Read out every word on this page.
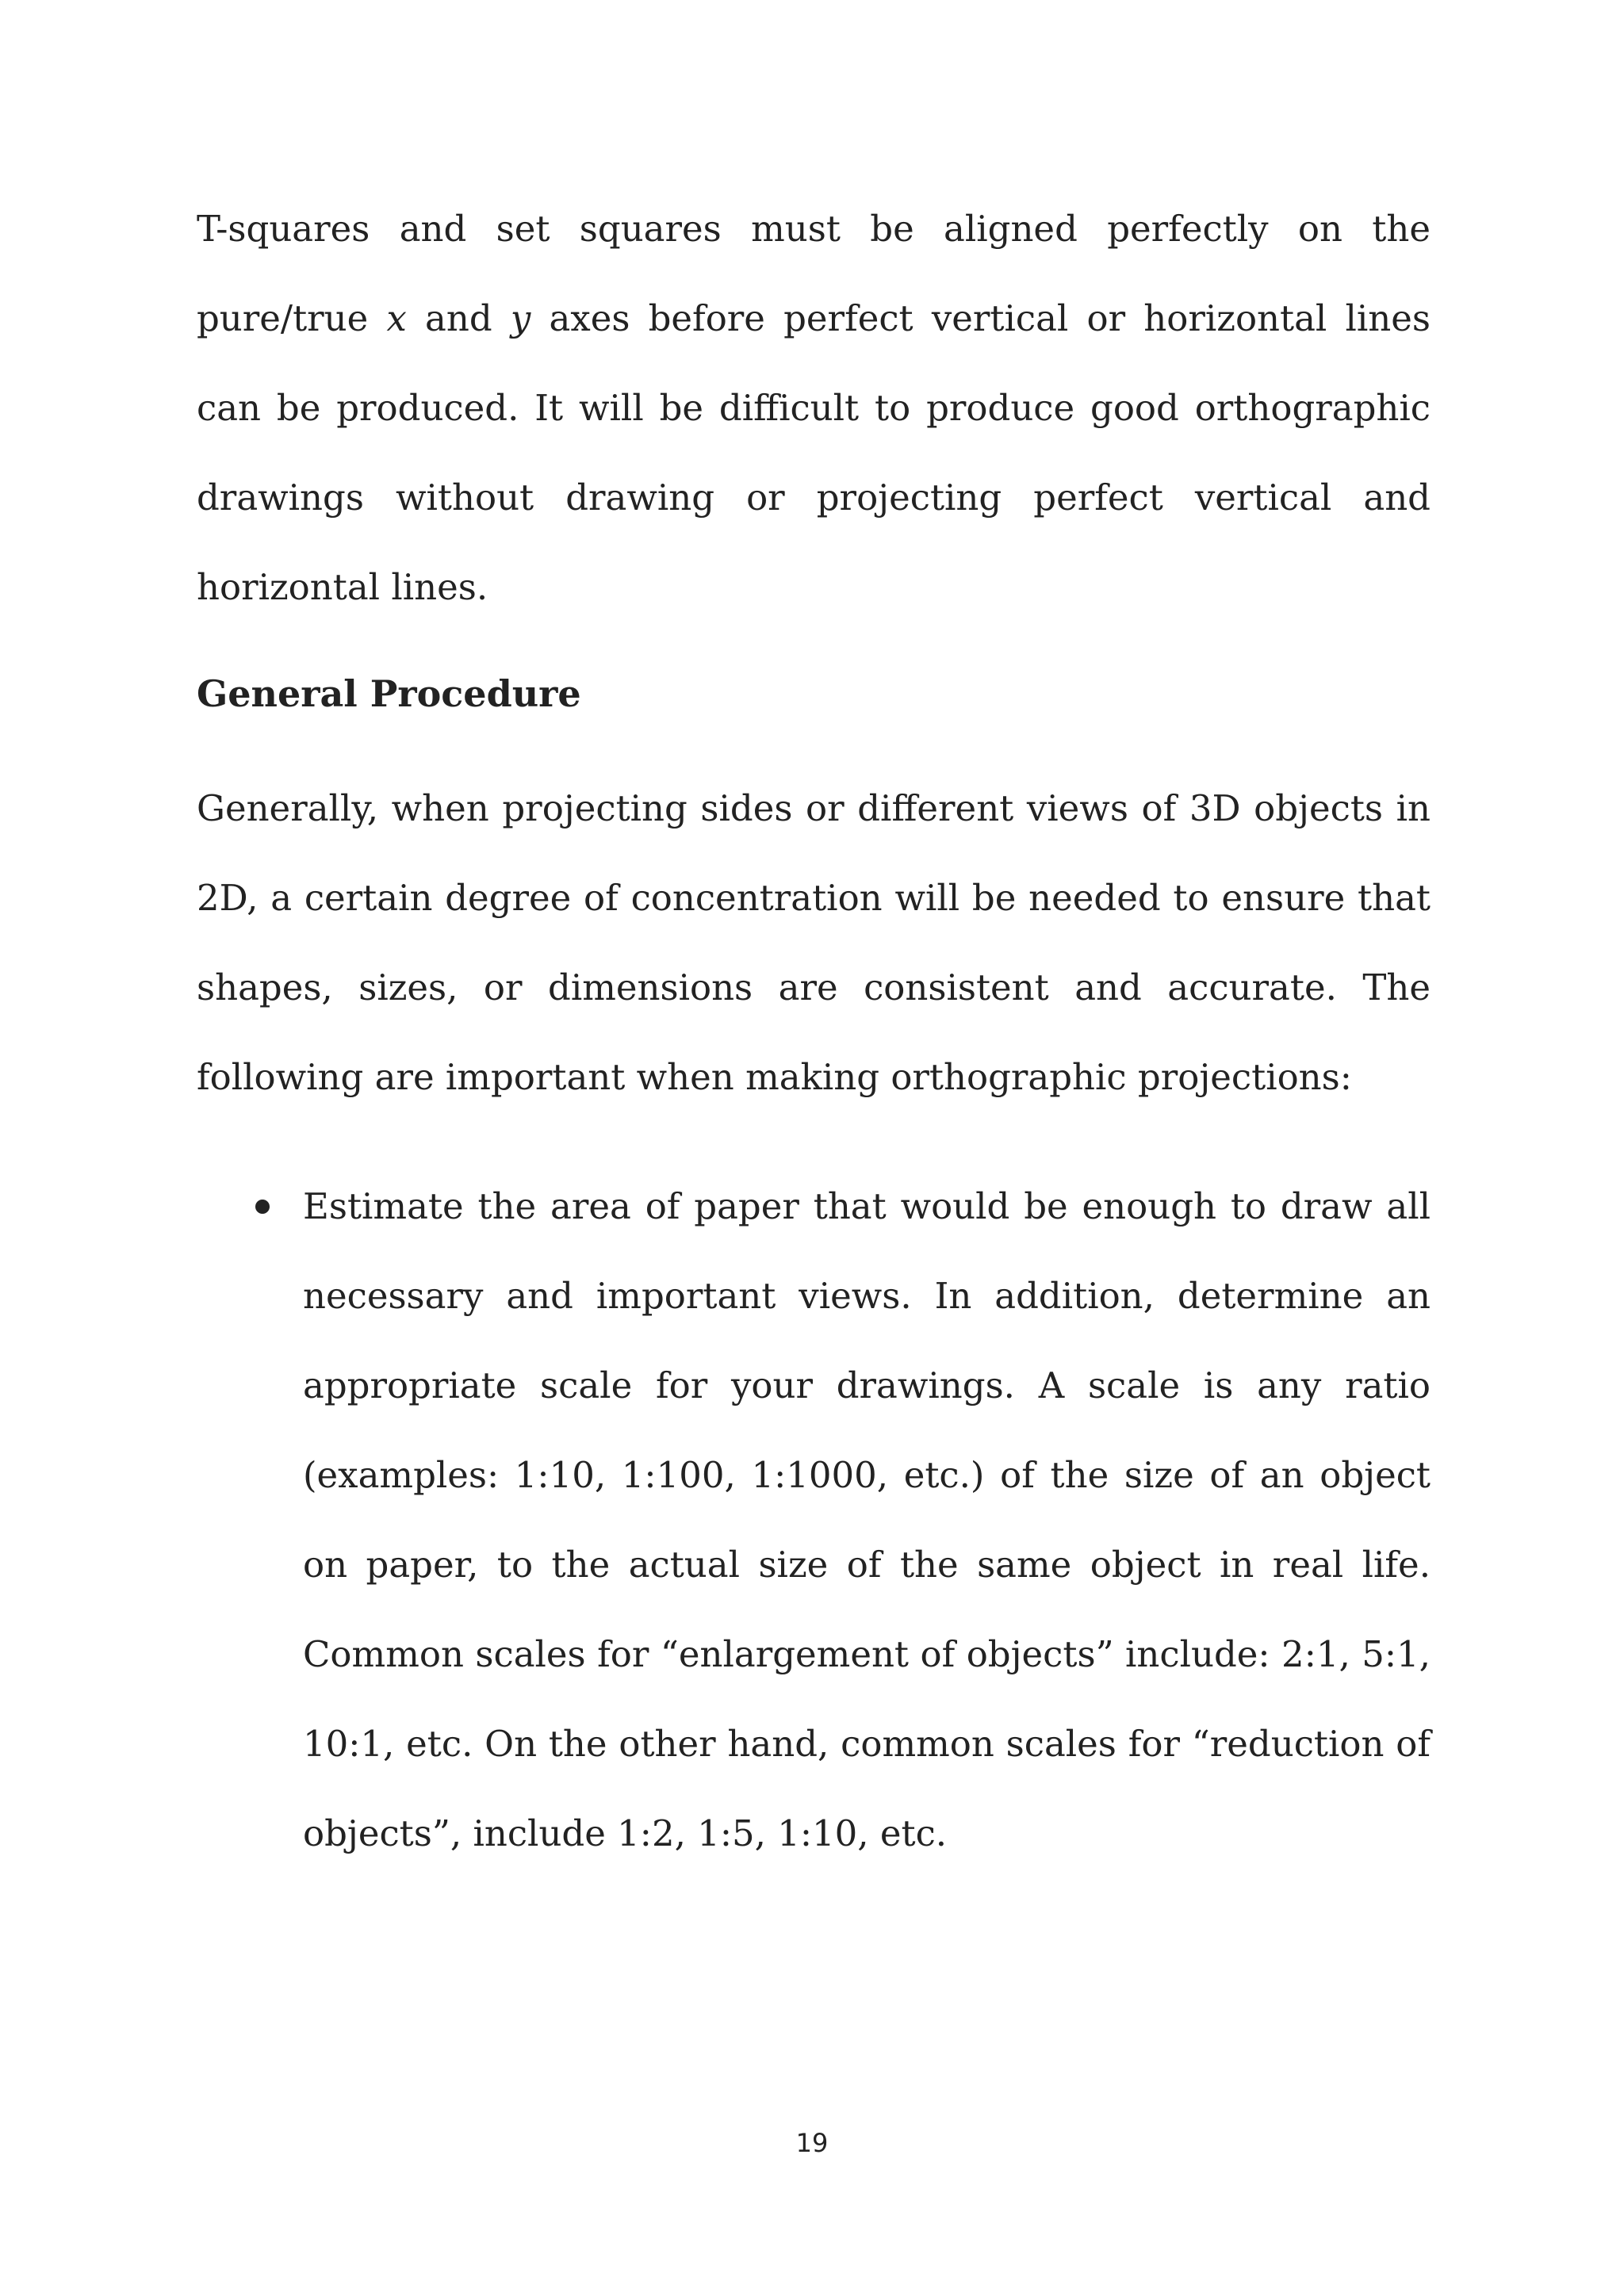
T-squares and set squares must be aligned perfectly on the pure/true x and y axes before perfect vertical or horizontal lines can be produced. It will be difficult to produce good orthographic drawings without drawing or projecting perfect vertical and horizontal lines.

General Procedure

Generally, when projecting sides or different views of 3D objects in 2D, a certain degree of concentration will be needed to ensure that shapes, sizes, or dimensions are consistent and accurate. The following are important when making orthographic projections:

Estimate the area of paper that would be enough to draw all necessary and important views. In addition, determine an appropriate scale for your drawings. A scale is any ratio (examples: 1:10, 1:100, 1:1000, etc.) of the size of an object on paper, to the actual size of the same object in real life. Common scales for “enlargement of objects” include: 2:1, 5:1, 10:1, etc. On the other hand, common scales for “reduction of objects”, include 1:2, 1:5, 1:10, etc.
19
